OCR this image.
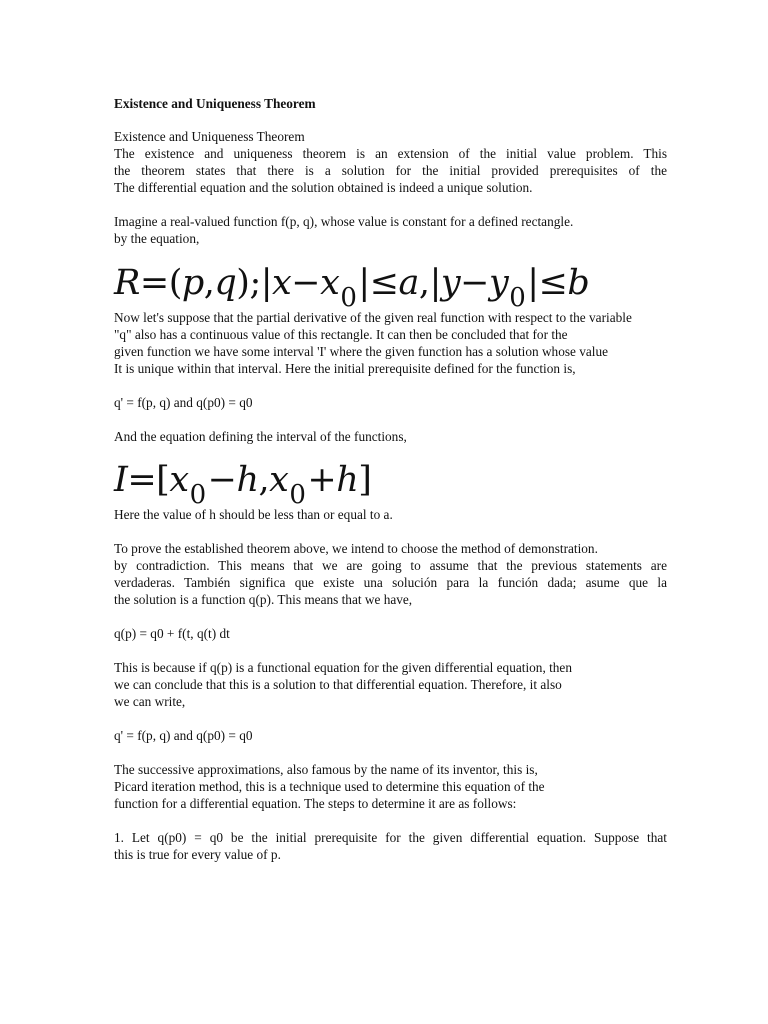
Existence and Uniqueness Theorem
Existence and Uniqueness Theorem
The existence and uniqueness theorem is an extension of the initial value problem. This
the theorem states that there is a solution for the initial provided prerequisites of the
The differential equation and the solution obtained is indeed a unique solution.
Imagine a real-valued function f(p, q), whose value is constant for a defined rectangle.
by the equation,
$R=(p,q);|x-x_0|\le a,|y-y_0|\le b$
Now let's suppose that the partial derivative of the given real function with respect to the variable
"q" also has a continuous value of this rectangle. It can then be concluded that for the
given function we have some interval 'I' where the given function has a solution whose value
It is unique within that interval. Here the initial prerequisite defined for the function is,
q' = f(p, q) and q(p0) = q0
And the equation defining the interval of the functions,
$I=[x_0-h,x_0+h]$
Here the value of h should be less than or equal to a.
To prove the established theorem above, we intend to choose the method of demonstration.
by contradiction. This means that we are going to assume that the previous statements are
verdaderas. También significa que existe una solución para la función dada; asume que la
the solution is a function q(p). This means that we have,
q(p) = q0 + f(t, q(t) dt
This is because if q(p) is a functional equation for the given differential equation, then
we can conclude that this is a solution to that differential equation. Therefore, it also
we can write,
q' = f(p, q) and q(p0) = q0
The successive approximations, also famous by the name of its inventor, this is,
Picard iteration method, this is a technique used to determine this equation of the
function for a differential equation. The steps to determine it are as follows:
1. Let q(p0) = q0 be the initial prerequisite for the given differential equation. Suppose that
this is true for every value of p.
